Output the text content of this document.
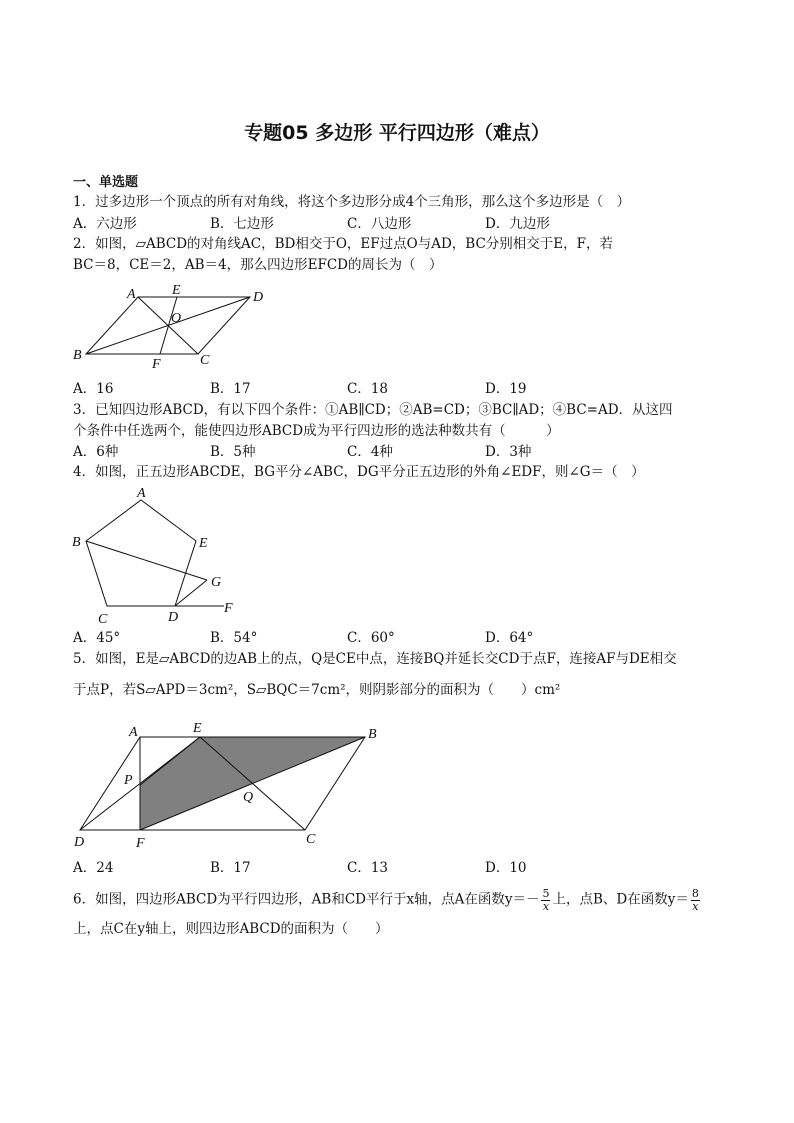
专题05 多边形 平行四边形（难点）
一、单选题
1．过多边形一个顶点的所有对角线，将这个多边形分成4个三角形，那么这个多边形是（　）
A．六边形	B．七边形	C．八边形	D．九边形
2．如图，▱ABCD的对角线AC，BD相交于O，EF过点O与AD，BC分别相交于E，F，若
BC＝8，CE＝2，AB＝4，那么四边形EFCD的周长为（　）
A	E	D
O
B
F	C
A．16	B．17	C．18	D．19
3．已知四边形ABCD，有以下四个条件：①AB∥CD；②AB=CD；③BC∥AD；④BC=AD．从这四
个条件中任选两个，能使四边形ABCD成为平行四边形的选法种数共有（　　　）
A．6种	B．5种	C．4种	D．3种
4．如图，正五边形ABCDE，BG平分∠ABC，DG平分正五边形的外角∠EDF，则∠G＝（　）
A
B	E
G
C	D
F
A．45°	B．54°	C．60°	D．64°
5．如图，E是▱ABCD的边AB上的点，Q是CE中点，连接BQ并延长交CD于点F，连接AF与DE相交
于点P，若S▱APD＝3cm²，S▱BQC＝7cm²，则阴影部分的面积为（　　）cm²
A	E	B
P
Q
D	F	C
A．24	B．17	C．13	D．10
6．如图，四边形ABCD为平行四边形，AB和CD平行于x轴，点A在函数$y=- \frac{5}{x}$ 上，点B、D在函数$y= \frac{8}{x}$
上，点C在y轴上，则四边形ABCD的面积为（　　）
